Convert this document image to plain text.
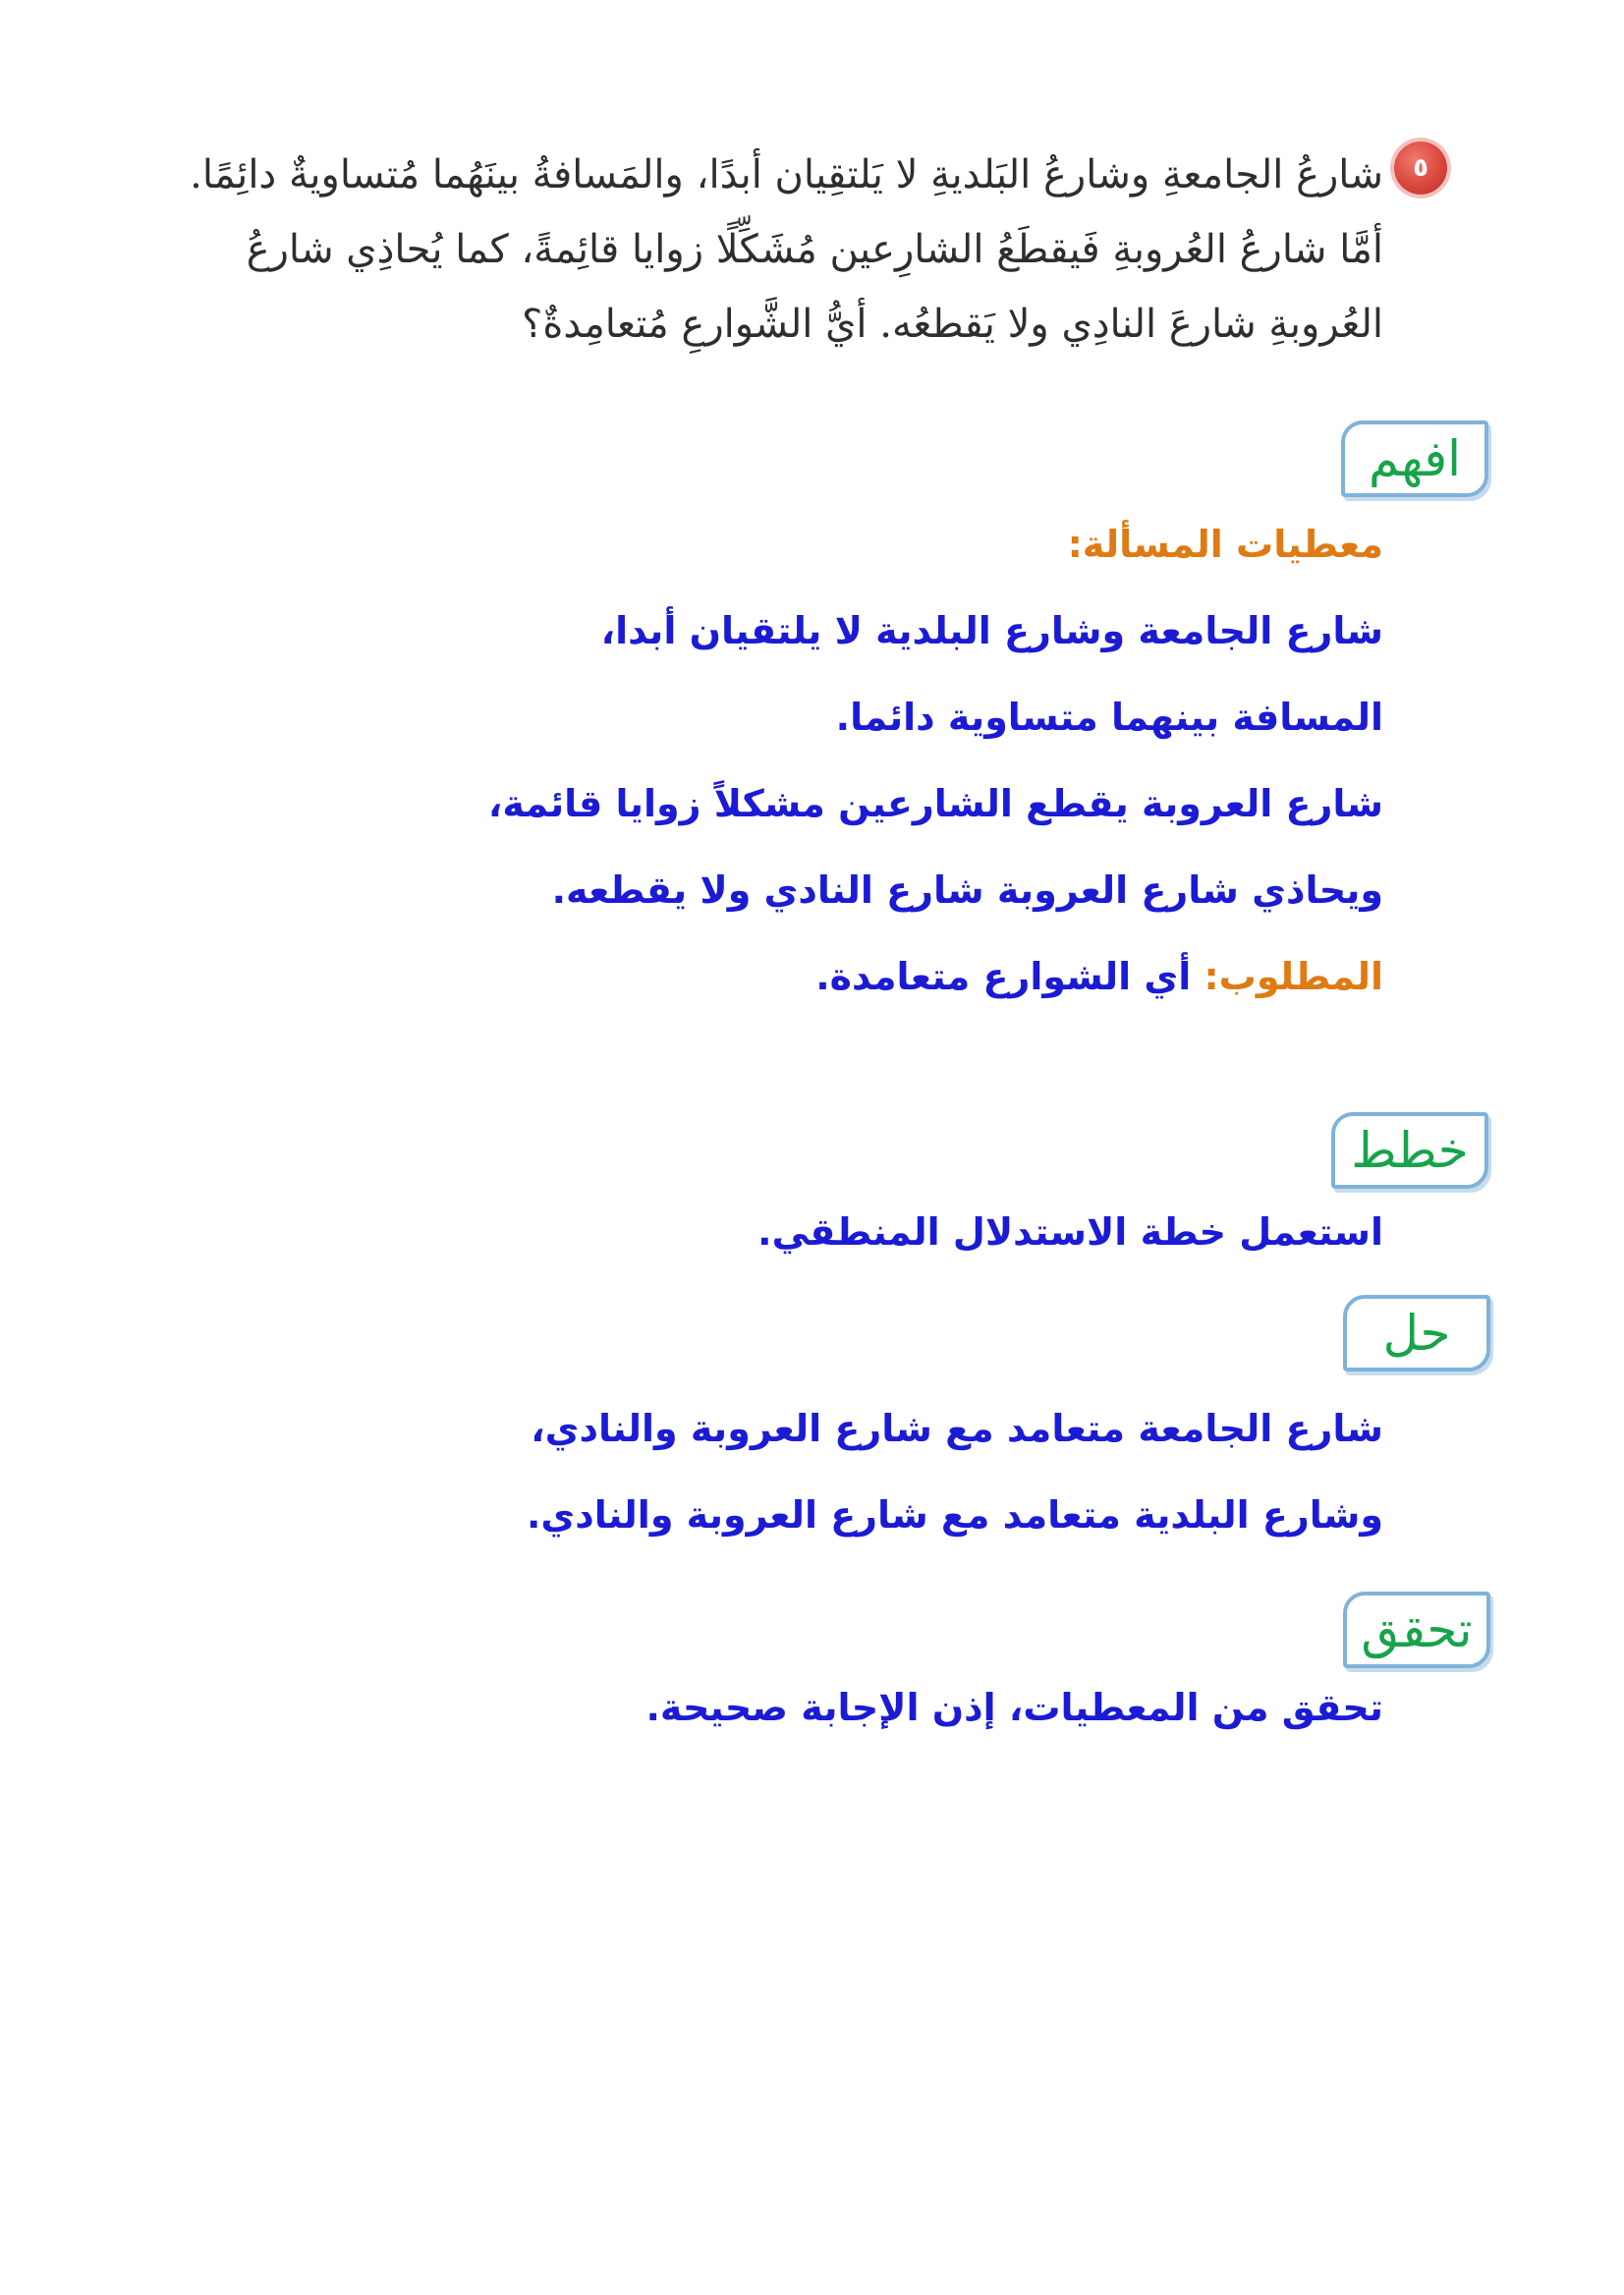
٥
شارعُ الجامعةِ وشارعُ البَلديةِ لا يَلتقِيان أبدًا، والمَسافةُ بينَهُما مُتساويةٌ دائِمًا.
أمَّا شارعُ العُروبةِ فَيقطَعُ الشارِعين مُشَكِّلًا زوايا قائِمةً، كما يُحاذِي شارعُ
العُروبةِ شارعَ النادِي ولا يَقطعُه. أيُّ الشَّوارعِ مُتعامِدةٌ؟
افهم
معطيات المسألة:
شارع الجامعة وشارع البلدية لا يلتقيان أبدا،
المسافة بينهما متساوية دائما.
شارع العروبة يقطع الشارعين مشكلاً زوايا قائمة،
ويحاذي شارع العروبة شارع النادي ولا يقطعه.
المطلوب: أي الشوارع متعامدة.
خطط
استعمل خطة الاستدلال المنطقي.
حل
شارع الجامعة متعامد مع شارع العروبة والنادي،
وشارع البلدية متعامد مع شارع العروبة والنادي.
تحقق
تحقق من المعطيات، إذن الإجابة صحيحة.
